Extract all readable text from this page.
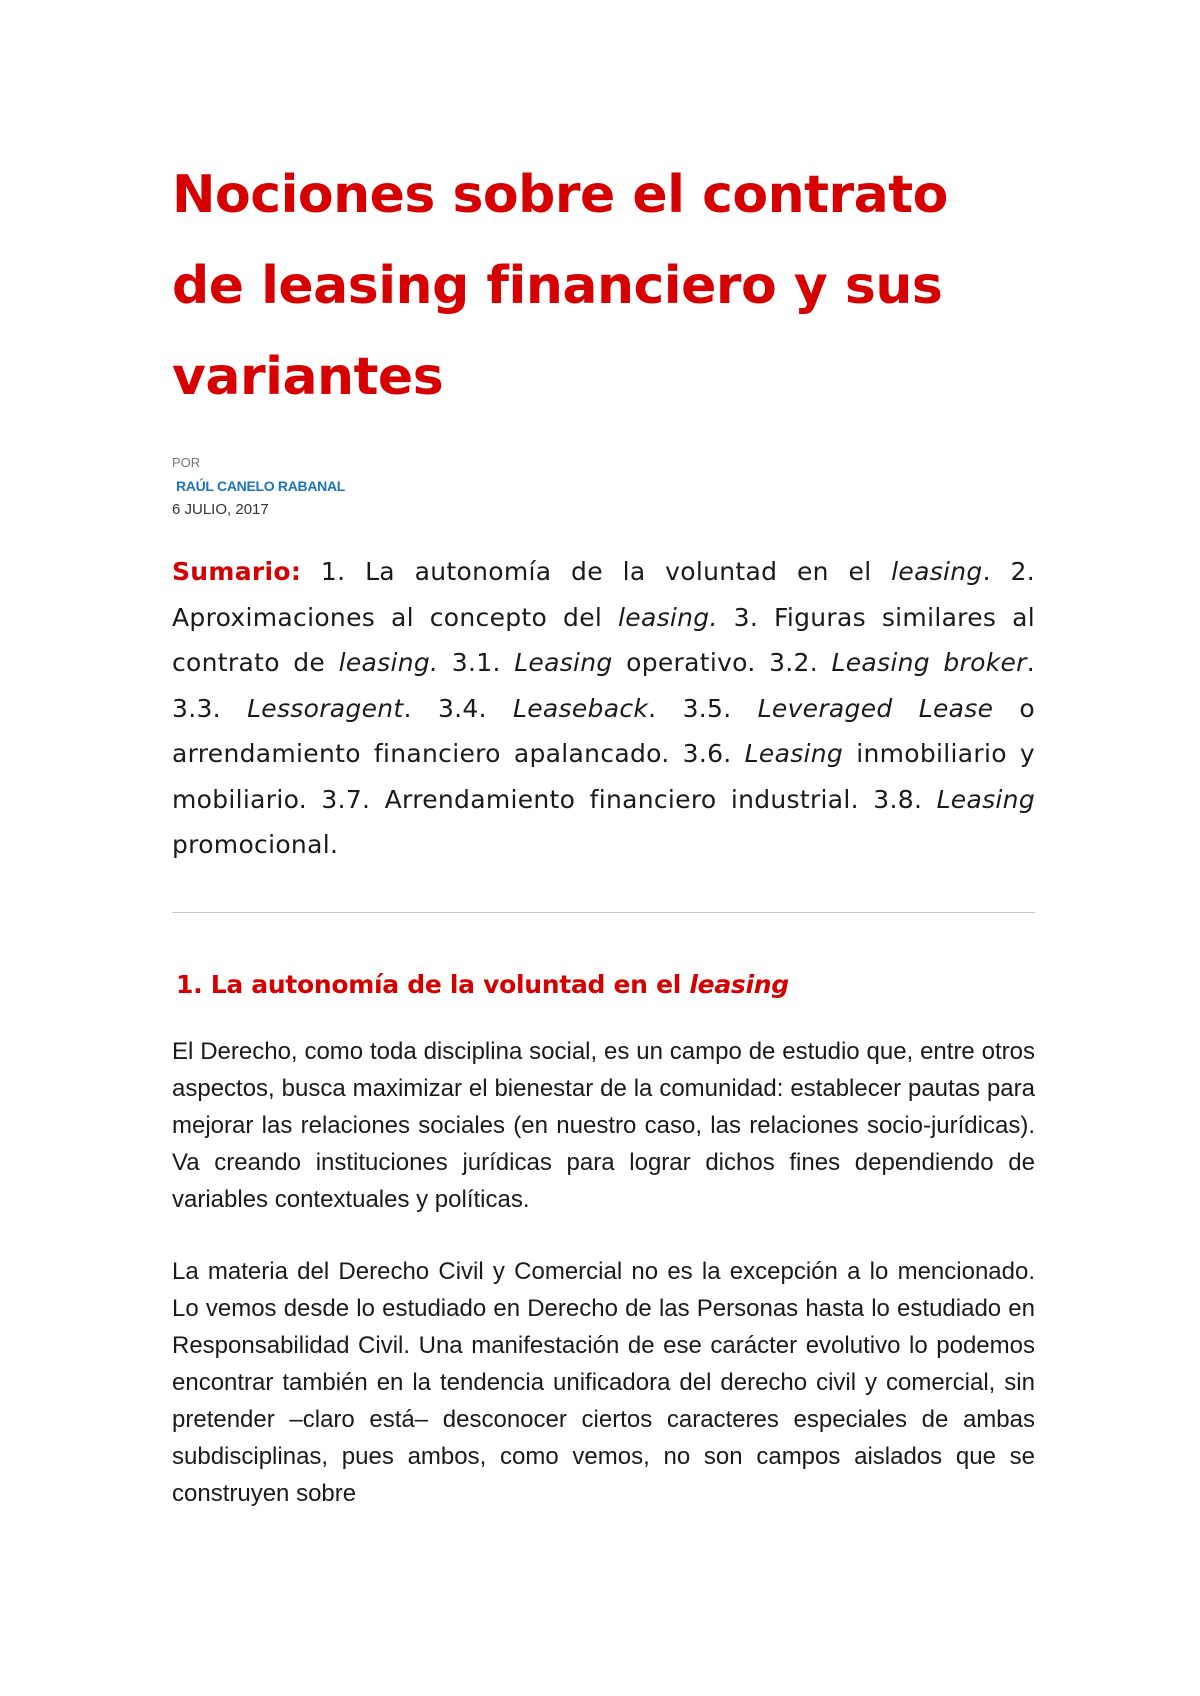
Nociones sobre el contrato de leasing financiero y sus variantes
POR
RAÚL CANELO RABANAL
6 JULIO, 2017
Sumario: 1. La autonomía de la voluntad en el leasing. 2. Aproximaciones al concepto del leasing. 3. Figuras similares al contrato de leasing. 3.1. Leasing operativo. 3.2. Leasing broker. 3.3. Lessoragent. 3.4. Leaseback. 3.5. Leveraged Lease o arrendamiento financiero apalancado. 3.6. Leasing inmobiliario y mobiliario. 3.7. Arrendamiento financiero industrial. 3.8. Leasing promocional.
1. La autonomía de la voluntad en el leasing

El Derecho, como toda disciplina social, es un campo de estudio que, entre otros aspectos, busca maximizar el bienestar de la comunidad: establecer pautas para mejorar las relaciones sociales (en nuestro caso, las relaciones socio-jurídicas). Va creando instituciones jurídicas para lograr dichos fines dependiendo de variables contextuales y políticas.

La materia del Derecho Civil y Comercial no es la excepción a lo mencionado. Lo vemos desde lo estudiado en Derecho de las Personas hasta lo estudiado en Responsabilidad Civil. Una manifestación de ese carácter evolutivo lo podemos encontrar también en la tendencia unificadora del derecho civil y comercial, sin pretender –claro está– desconocer ciertos caracteres especiales de ambas subdisciplinas, pues ambos, como vemos, no son campos aislados que se construyen sobre
